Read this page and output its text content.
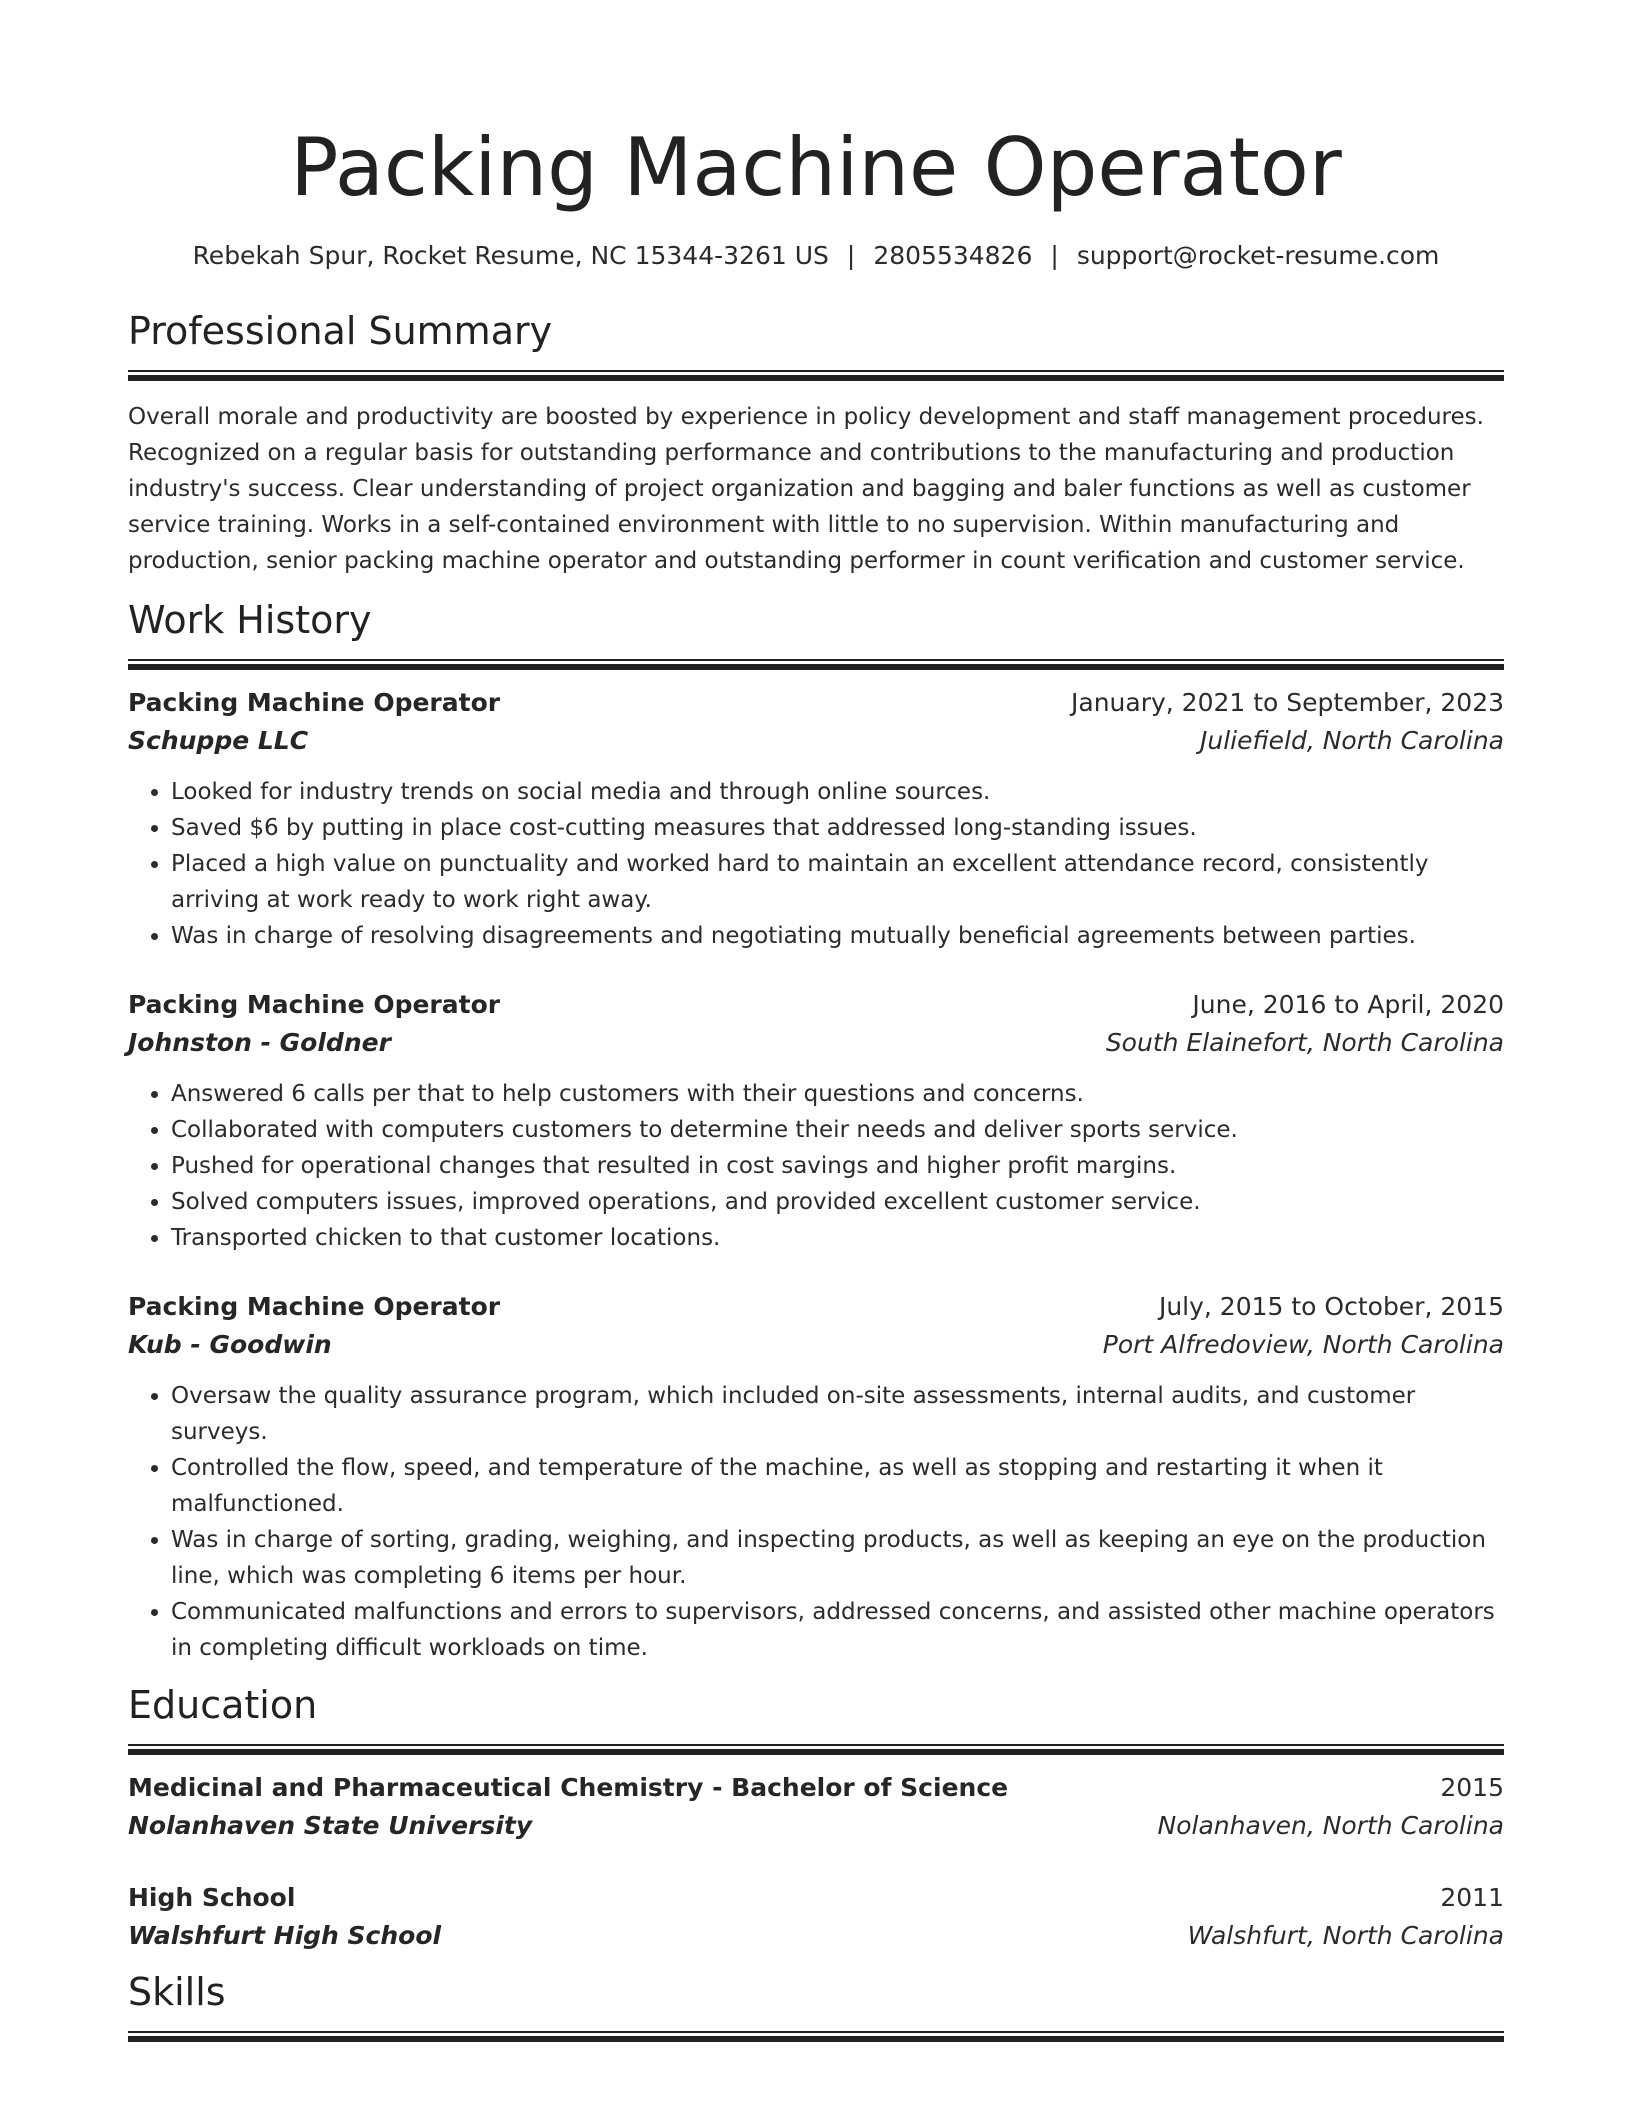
Packing Machine Operator
Rebekah Spur, Rocket Resume, NC 15344-3261 US | 2805534826 | support@rocket-resume.com
Professional Summary

Overall morale and productivity are boosted by experience in policy development and staff management procedures. Recognized on a regular basis for outstanding performance and contributions to the manufacturing and production industry's success. Clear understanding of project organization and bagging and baler functions as well as customer service training. Works in a self-contained environment with little to no supervision. Within manufacturing and production, senior packing machine operator and outstanding performer in count verification and customer service.

Work History
Packing Machine Operator	January, 2021 to September, 2023
Schuppe LLC	Juliefield, North Carolina
• Looked for industry trends on social media and through online sources.
• Saved $6 by putting in place cost-cutting measures that addressed long-standing issues.
• Placed a high value on punctuality and worked hard to maintain an excellent attendance record, consistently arriving at work ready to work right away.
• Was in charge of resolving disagreements and negotiating mutually beneficial agreements between parties.
Packing Machine Operator	June, 2016 to April, 2020
Johnston - Goldner	South Elainefort, North Carolina
• Answered 6 calls per that to help customers with their questions and concerns.
• Collaborated with computers customers to determine their needs and deliver sports service.
• Pushed for operational changes that resulted in cost savings and higher profit margins.
• Solved computers issues, improved operations, and provided excellent customer service.
• Transported chicken to that customer locations.
Packing Machine Operator	July, 2015 to October, 2015
Kub - Goodwin	Port Alfredoview, North Carolina
• Oversaw the quality assurance program, which included on-site assessments, internal audits, and customer surveys.
• Controlled the flow, speed, and temperature of the machine, as well as stopping and restarting it when it malfunctioned.
• Was in charge of sorting, grading, weighing, and inspecting products, as well as keeping an eye on the production line, which was completing 6 items per hour.
• Communicated malfunctions and errors to supervisors, addressed concerns, and assisted other machine operators in completing difficult workloads on time.
Education
Medicinal and Pharmaceutical Chemistry - Bachelor of Science	2015
Nolanhaven State University	Nolanhaven, North Carolina
High School	2011
Walshfurt High School	Walshfurt, North Carolina
Skills
